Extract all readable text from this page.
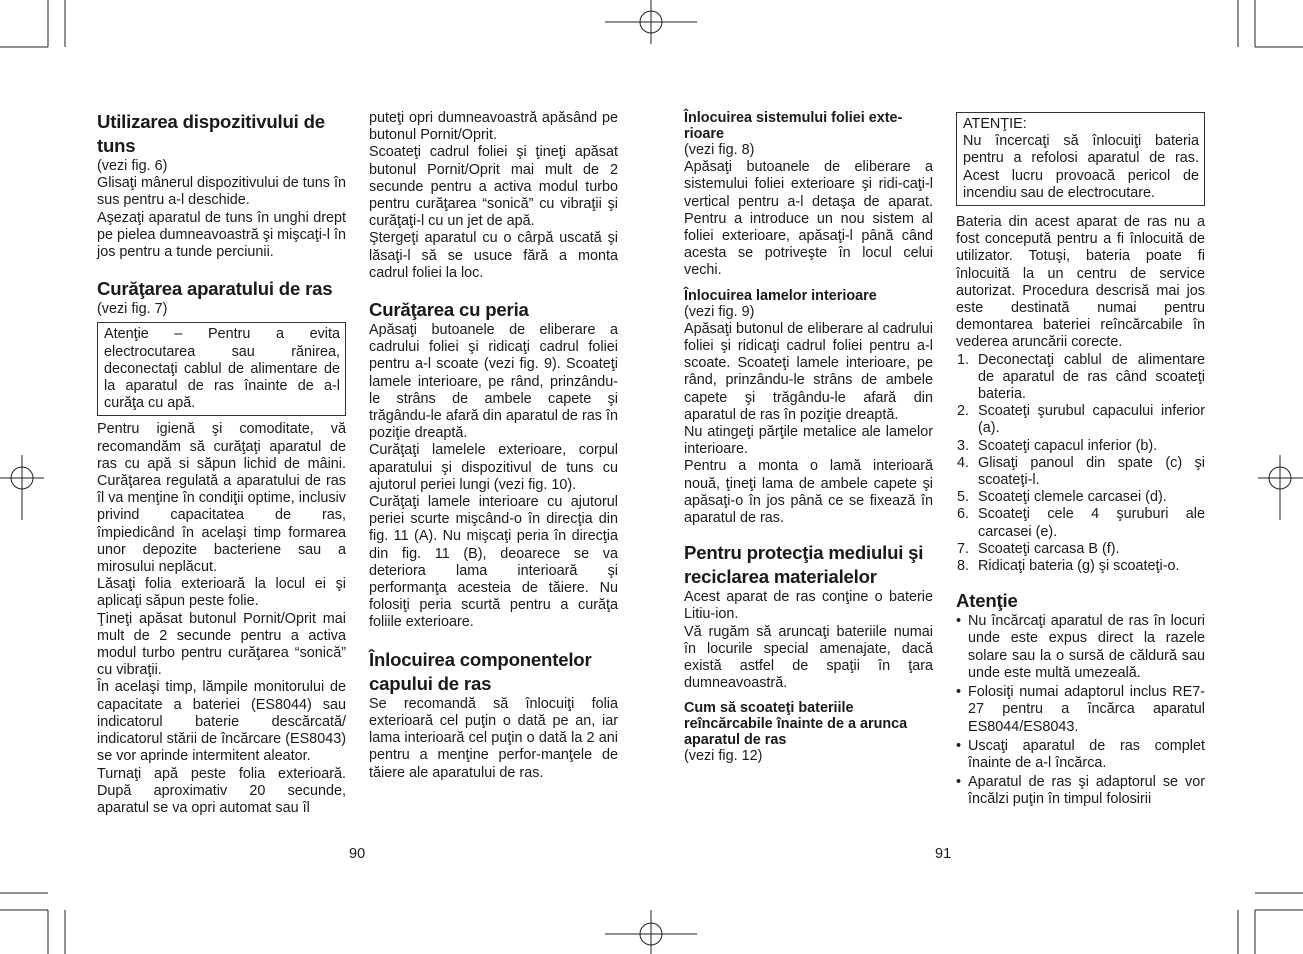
Utilizarea dispozitivului de tuns
(vezi fig. 6)

Glisaţi mânerul dispozitivului de tuns în sus pentru a-l deschide.
Aşezaţi aparatul de tuns în unghi drept pe pielea dumneavoastră şi mişcaţi-l în jos pentru a tunde perciunii.

Curăţarea aparatului de ras
(vezi fig. 7)

Atenţie – Pentru a evita electrocutarea sau rănirea, deconectaţi cablul de alimentare de la aparatul de ras înainte de a-l curăţa cu apă.

Pentru igienă şi comoditate, vă recomandăm să curăţaţi aparatul de ras cu apă si săpun lichid de mâini. Curăţarea regulată a aparatului de ras îl va menţine în condiţii optime, inclusiv privind capacitatea de ras, împiedicând în acelaşi timp formarea unor depozite bacteriene sau a mirosului neplăcut.

Lăsaţi folia exterioară la locul ei şi aplicaţi săpun peste folie.

Ţineţi apăsat butonul Pornit/Oprit mai mult de 2 secunde pentru a activa modul turbo pentru curăţarea “sonică” cu vibraţii.

În acelaşi timp, lămpile monitorului de capacitate a bateriei (ES8044) sau indicatorul baterie descărcată/ indicatorul stării de încărcare (ES8043) se vor aprinde intermitent aleator.

Turnaţi apă peste folia exterioară. După aproximativ 20 secunde, aparatul se va opri automat sau îl

puteţi opri dumneavoastră apăsând pe butonul Pornit/Oprit.

Scoateţi cadrul foliei şi ţineţi apăsat butonul Pornit/Oprit mai mult de 2 secunde pentru a activa modul turbo pentru curăţarea “sonică” cu vibraţii şi curăţaţi-l cu un jet de apă.

Ştergeţi aparatul cu o cârpă uscată şi lăsaţi-l să se usuce fără a monta cadrul foliei la loc.

Curăţarea cu peria

Apăsaţi butoanele de eliberare a cadrului foliei şi ridicaţi cadrul foliei pentru a-l scoate (vezi fig. 9). Scoateţi lamele interioare, pe rând, prinzându-le strâns de ambele capete şi trăgându-le afară din aparatul de ras în poziţie dreaptă.

Curăţaţi lamelele exterioare, corpul aparatului şi dispozitivul de tuns cu ajutorul periei lungi (vezi fig. 10).

Curăţaţi lamele interioare cu ajutorul periei scurte mişcând-o în direcţia din fig. 11 (A). Nu mişcaţi peria în direcţia din fig. 11 (B), deoarece se va deteriora lama interioară şi performanţa acesteia de tăiere. Nu folosiţi peria scurtă pentru a curăţa foliile exterioare.

Înlocuirea componentelor capului de ras

Se recomandă să înlocuiţi folia exterioară cel puţin o dată pe an, iar lama interioară cel puţin o dată la 2 ani pentru a menţine perfor-manţele de tăiere ale aparatului de ras.

Înlocuirea sistemului foliei exte-rioare
(vezi fig. 8)

Apăsaţi butoanele de eliberare a sistemului foliei exterioare şi ridi-caţi-l vertical pentru a-l detaşa de aparat. Pentru a introduce un nou sistem al foliei exterioare, apăsaţi-l până când acesta se potriveşte în locul celui vechi.

Înlocuirea lamelor interioare
(vezi fig. 9)

Apăsaţi butonul de eliberare al cadrului foliei şi ridicaţi cadrul foliei pentru a-l scoate. Scoateţi lamele interioare, pe rând, prinzându-le strâns de ambele capete şi trăgându-le afară din aparatul de ras în poziţie dreaptă.

Nu atingeţi părţile metalice ale lamelor interioare.

Pentru a monta o lamă interioară nouă, ţineţi lama de ambele capete şi apăsaţi-o în jos până ce se fixează în aparatul de ras.

Pentru protecţia mediului şi reciclarea materialelor

Acest aparat de ras conţine o baterie Litiu-ion.

Vă rugăm să aruncaţi bateriile numai în locurile special amenajate, dacă există astfel de spaţii în ţara dumneavoastră.

Cum să scoateţi bateriile reîncărcabile înainte de a arunca aparatul de ras
(vezi fig. 12)
ATENŢIE:

Nu încercaţi să înlocuiţi bateria pentru a refolosi aparatul de ras. Acest lucru provoacă pericol de incendiu sau de electrocutare.

Bateria din acest aparat de ras nu a fost concepută pentru a fi înlocuită de utilizator. Totuşi, bateria poate fi înlocuită la un centru de service autorizat. Procedura descrisă mai jos este destinată numai pentru demontarea bateriei reîncărcabile în vederea aruncării corecte.

1. Deconectaţi cablul de alimentare de aparatul de ras când scoateţi bateria.
2. Scoateţi şurubul capacului inferior (a).
3. Scoateţi capacul inferior (b).
4. Glisaţi panoul din spate (c) şi scoateţi-l.
5. Scoateţi clemele carcasei (d).
6. Scoateţi cele 4 şuruburi ale carcasei (e).
7. Scoateţi carcasa B (f).
8. Ridicaţi bateria (g) şi scoateţi-o.
Atenţie
• Nu încărcaţi aparatul de ras în locuri unde este expus direct la razele solare sau la o sursă de căldură sau unde este multă umezeală.
• Folosiţi numai adaptorul inclus RE7-27 pentru a încărca aparatul ES8044/ES8043.
• Uscaţi aparatul de ras complet înainte de a-l încărca.
• Aparatul de ras şi adaptorul se vor încălzi puţin în timpul folosirii
90	91
